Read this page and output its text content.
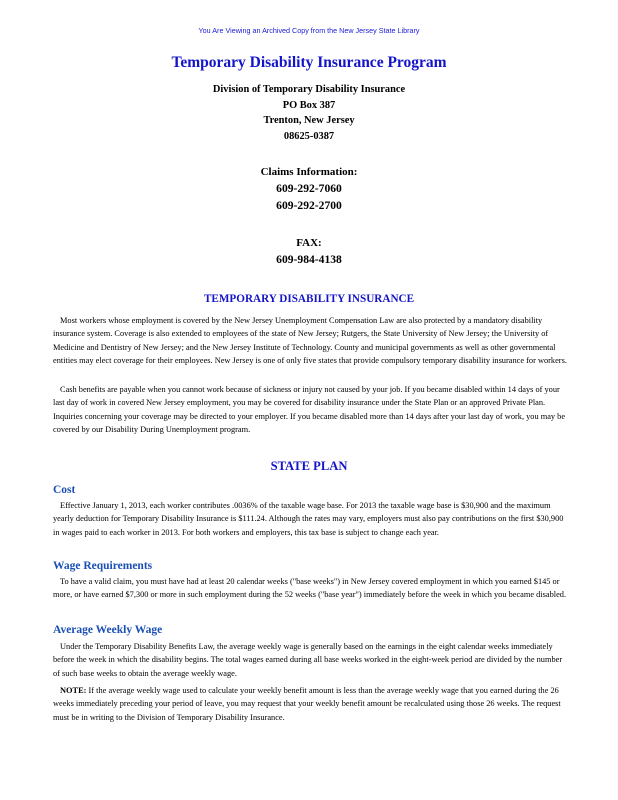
You Are Viewing an Archived Copy from the New Jersey State Library
Temporary Disability Insurance Program
Division of Temporary Disability Insurance
PO Box 387
Trenton, New Jersey
08625-0387
Claims Information:
609-292-7060
609-292-2700
FAX:
609-984-4138
TEMPORARY DISABILITY INSURANCE

Most workers whose employment is covered by the New Jersey Unemployment Compensation Law are also protected by a mandatory disability insurance system. Coverage is also extended to employees of the state of New Jersey; Rutgers, the State University of New Jersey; the University of Medicine and Dentistry of New Jersey; and the New Jersey Institute of Technology. County and municipal governments as well as other governmental entities may elect coverage for their employees. New Jersey is one of only five states that provide compulsory temporary disability insurance for workers.

Cash benefits are payable when you cannot work because of sickness or injury not caused by your job. If you became disabled within 14 days of your last day of work in covered New Jersey employment, you may be covered for disability insurance under the State Plan or an approved Private Plan. Inquiries concerning your coverage may be directed to your employer. If you became disabled more than 14 days after your last day of work, you may be covered by our Disability During Unemployment program.

STATE PLAN
Cost

Effective January 1, 2013, each worker contributes .0036% of the taxable wage base. For 2013 the taxable wage base is $30,900 and the maximum yearly deduction for Temporary Disability Insurance is $111.24. Although the rates may vary, employers must also pay contributions on the first $30,900 in wages paid to each worker in 2013. For both workers and employers, this tax base is subject to change each year.

Wage Requirements

To have a valid claim, you must have had at least 20 calendar weeks ("base weeks") in New Jersey covered employment in which you earned $145 or more, or have earned $7,300 or more in such employment during the 52 weeks ("base year") immediately before the week in which you became disabled.

Average Weekly Wage

Under the Temporary Disability Benefits Law, the average weekly wage is generally based on the earnings in the eight calendar weeks immediately before the week in which the disability begins. The total wages earned during all base weeks worked in the eight-week period are divided by the number of such base weeks to obtain the average weekly wage.

NOTE: If the average weekly wage used to calculate your weekly benefit amount is less than the average weekly wage that you earned during the 26 weeks immediately preceding your period of leave, you may request that your weekly benefit amount be recalculated using those 26 weeks. The request must be in writing to the Division of Temporary Disability Insurance.
